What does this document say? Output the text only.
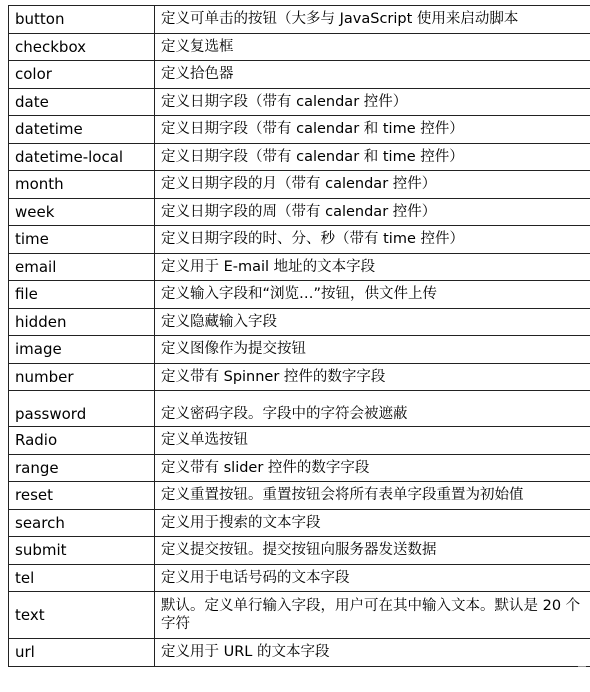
button	定义可单击的按钮（大多与 JavaScript 使用来启动脚本
checkbox	定义复选框
color	定义拾色器
date	定义日期字段（带有 calendar 控件）
datetime	定义日期字段（带有 calendar 和 time 控件）
datetime-local	定义日期字段（带有 calendar 和 time 控件）
month	定义日期字段的月（带有 calendar 控件）
week	定义日期字段的周（带有 calendar 控件）
time	定义日期字段的时、分、秒（带有 time 控件）
email	定义用于 E-mail 地址的文本字段
file	定义输入字段和“浏览…”按钮，供文件上传
hidden	定义隐藏输入字段
image	定义图像作为提交按钮
number	定义带有 Spinner 控件的数字字段
password	定义密码字段。字段中的字符会被遮蔽
Radio	定义单选按钮
range	定义带有 slider 控件的数字字段
reset	定义重置按钮。重置按钮会将所有表单字段重置为初始值
search	定义用于搜索的文本字段
submit	定义提交按钮。提交按钮向服务器发送数据
tel	定义用于电话号码的文本字段
text	默认。定义单行输入字段，用户可在其中输入文本。默认是 20 个字符
url	定义用于 URL 的文本字段
